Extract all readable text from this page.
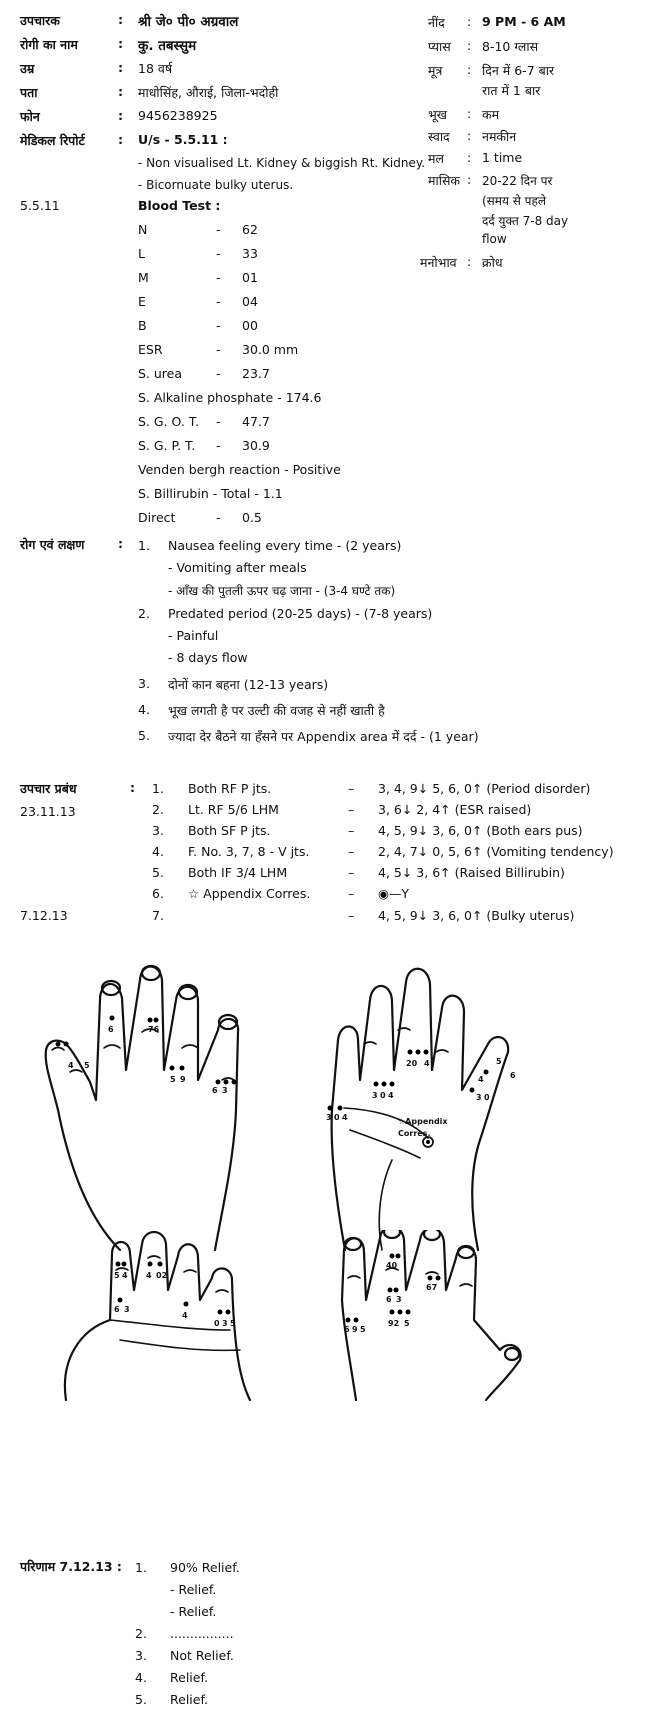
उपचारक	: श्री जे० पी० अग्रवाल
रोगी का नाम	: कु. तबस्सुम
उम्र	: 18 वर्ष
पता	: माधोसिंह, औराई, जिला-भदोही
फोन	: 9456238925
मेडिकल रिपोर्ट	: U/s - 5.5.11 :
- Non visualised Lt. Kidney & biggish Rt. Kidney.
- Bicornuate bulky uterus.
नींद : 9 PM - 6 AM
प्यास : 8-10 ग्लास
मूत्र : दिन में 6-7 बार
रात में 1 बार
भूख : कम
स्वाद : नमकीन
मल : 1 time
मासिक : 20-22 दिन पर
(समय से पहले
दर्द युक्त 7-8 day
flow
मनोभाव : क्रोध
5.5.11	Blood Test :
N	- 62
L	- 33
M	- 01
E	- 04
B	- 00
ESR	- 30.0 mm
S. urea	- 23.7
S. Alkaline phosphate - 174.6
S. G. O. T. - 47.7
S. G. P. T. - 30.9
Venden bergh reaction - Positive
S. Billirubin - Total - 1.1
Direct	- 0.5
रोग एवं लक्षण	: 1. Nausea feeling every time - (2 years)
- Vomiting after meals
- आँख की पुतली ऊपर चढ़ जाना - (3-4 घण्टे तक)
2. Predated period (20-25 days) - (7-8 years)
- Painful
- 8 days flow
3. दोनों कान बहना (12-13 years)
4. भूख लगती है पर उल्टी की वजह से नहीं खाती है
5. ज्यादा देर बैठने या हँसने पर Appendix area में दर्द - (1 year)
उपचार प्रबंध	:
23.11.13
7.12.13
1. Both RF P jts.	– 3, 4, 9↓ 5, 6, 0↑ (Period disorder)
2. Lt. RF 5/6 LHM	– 3, 6↓ 2, 4↑ (ESR raised)
3. Both SF P jts.	– 4, 5, 9↓ 3, 6, 0↑ (Both ears pus)
4. F. No. 3, 7, 8 - V jts.	– 2, 4, 7↓ 0, 5, 6↑ (Vomiting tendency)
5. Both IF 3/4 LHM	– 4, 5↓ 3, 6↑ (Raised Billirubin)
6. ☆ Appendix Corres.	– ◉—Y
7.	– 4, 5, 9↓ 3, 6, 0↑ (Bulky uterus)
6	76
5 9
6 3
4 5	20 4
3 0 4
3 0 4
5
4	6
3 0
☆Appendix
Corres.
5 4 4 02
6 3
4
0 3 5
40
67
6 3
92 5
6 9 5
परिणाम 7.12.13 : 1. 90% Relief.
- Relief.
- Relief.
2. ................
3. Not Relief.
4. Relief.
5. Relief.
